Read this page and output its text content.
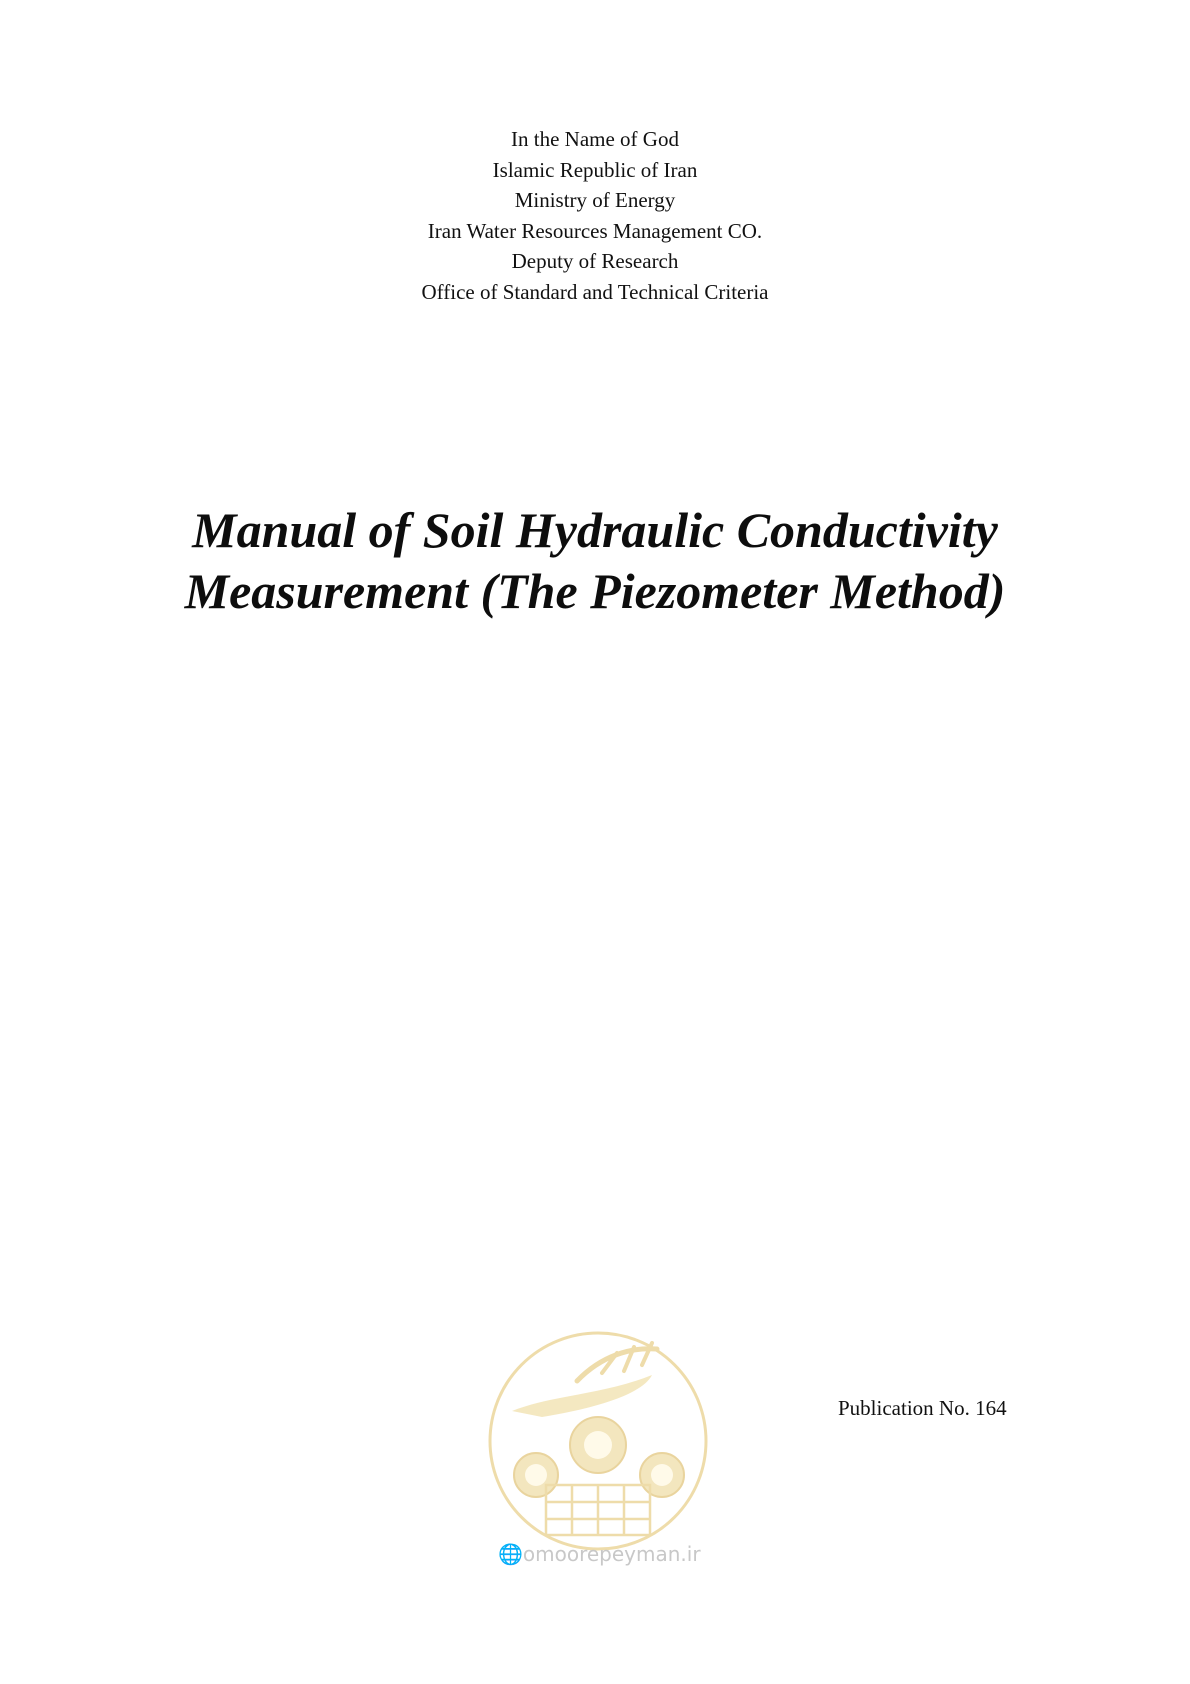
In the Name of God
Islamic Republic of Iran
Ministry of Energy
Iran Water Resources Management CO.
Deputy of Research
Office of Standard and Technical Criteria
Manual of Soil Hydraulic Conductivity
Measurement (The Piezometer Method)
Publication No. 164
🌐omoorepeyman.ir
